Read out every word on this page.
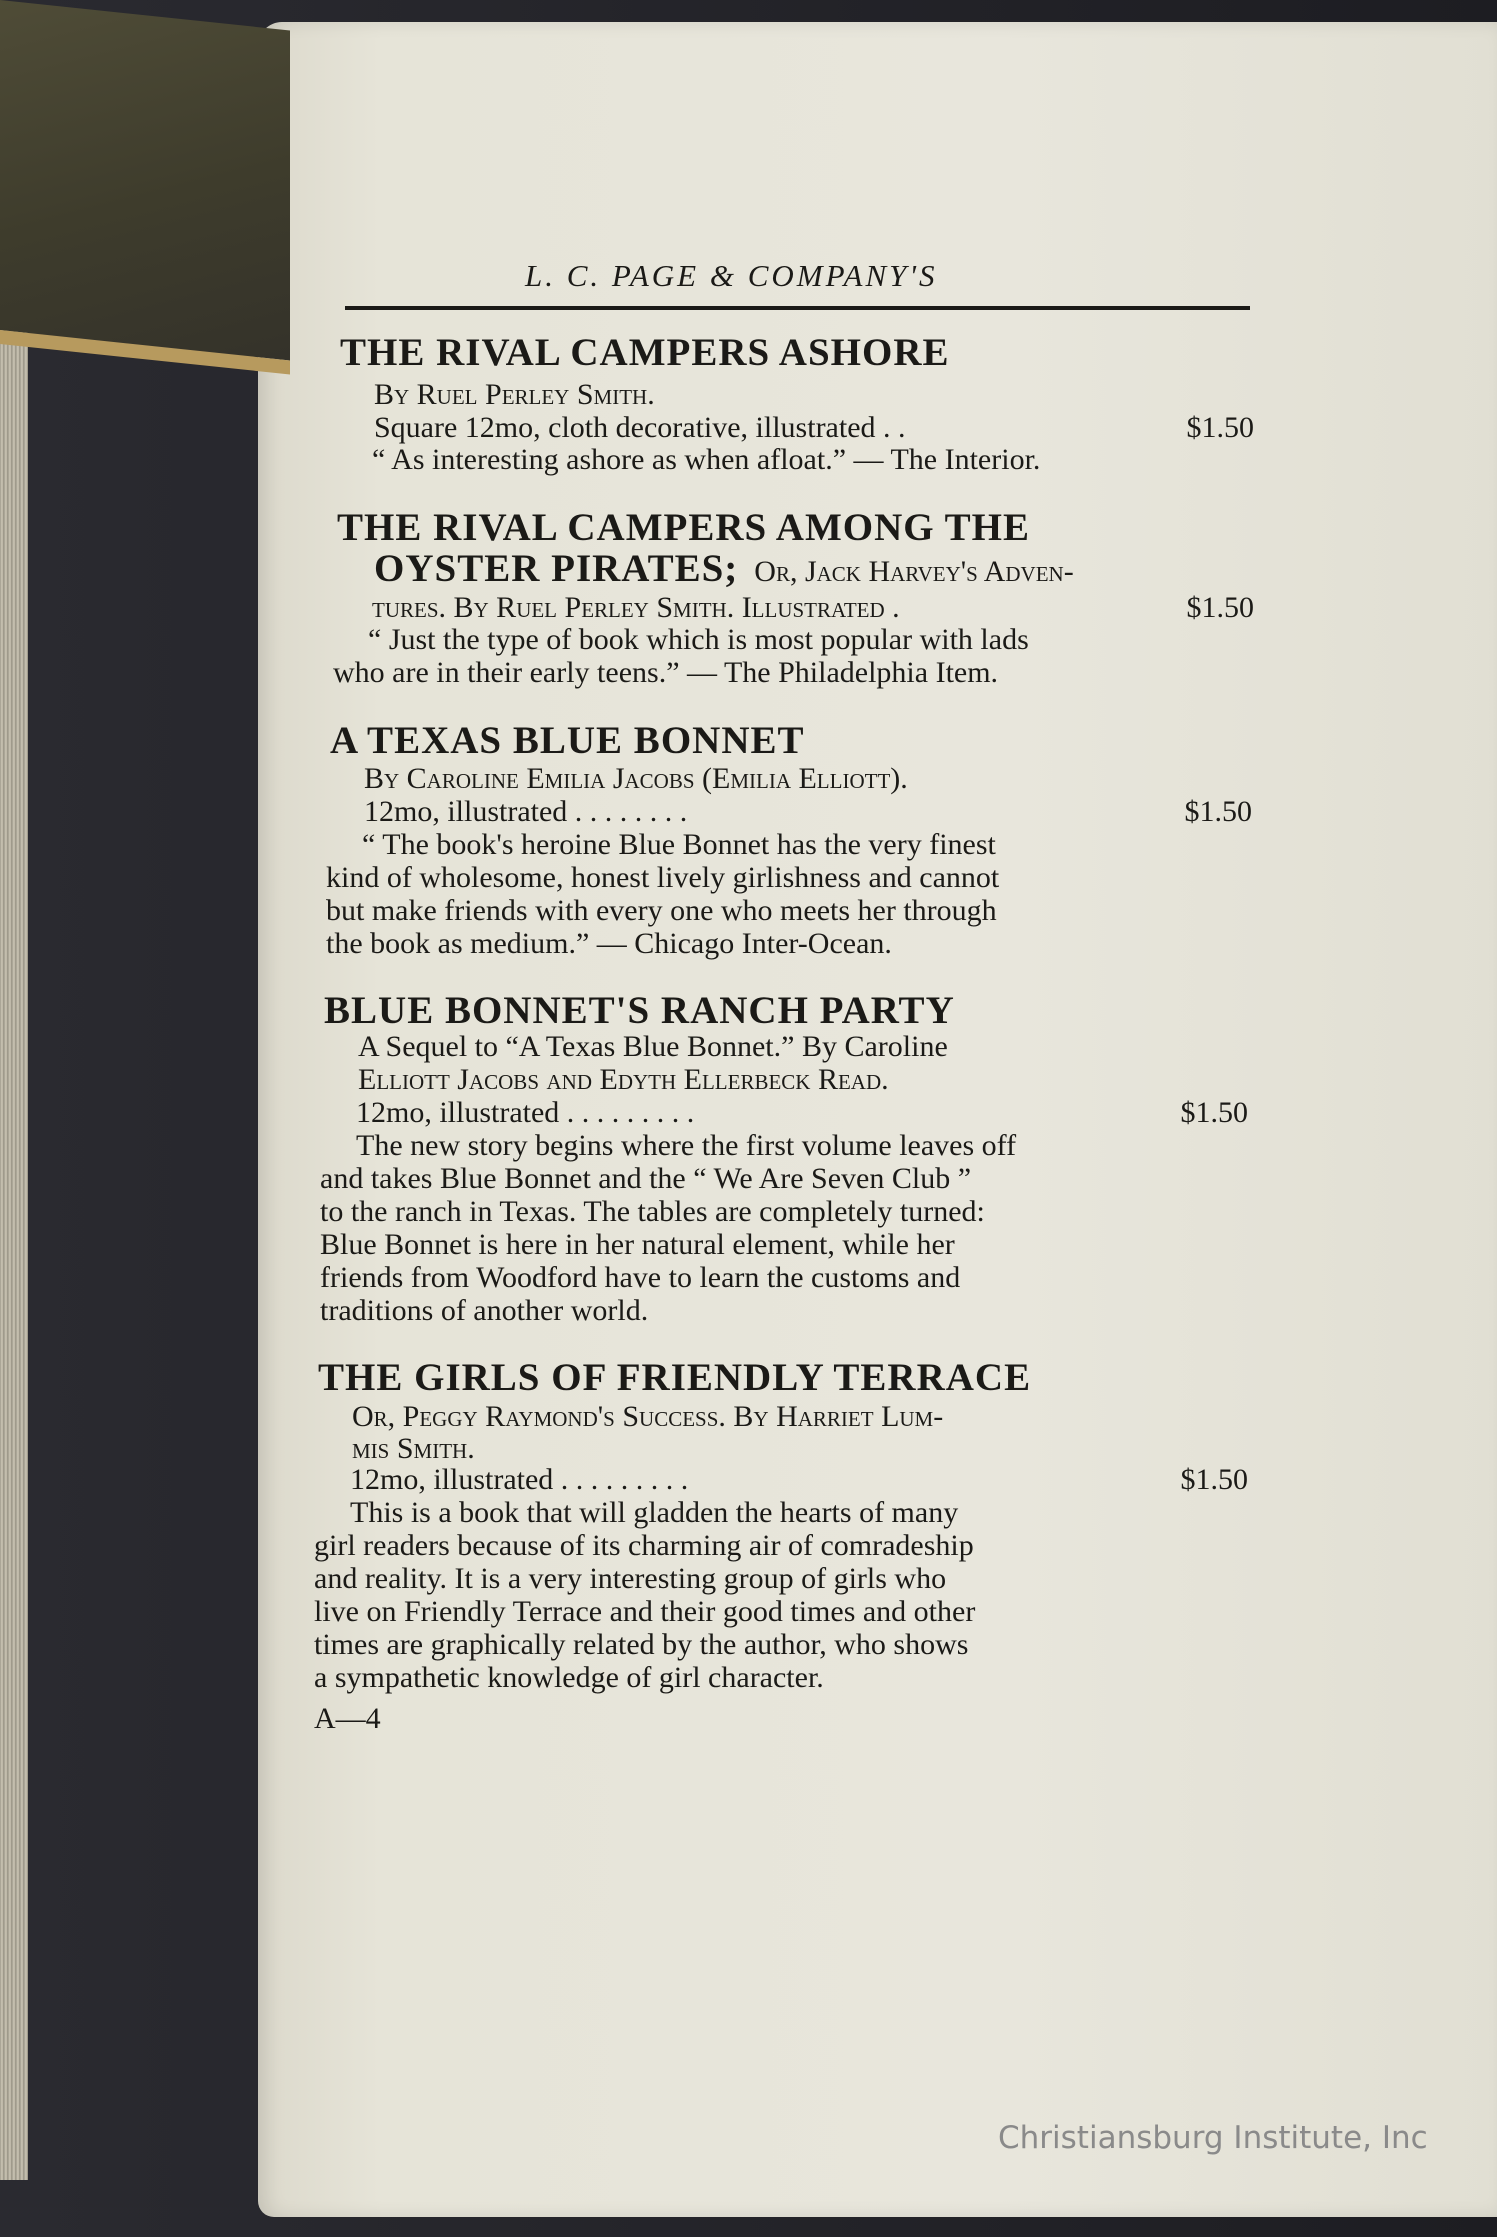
L. C. PAGE & COMPANY'S
THE RIVAL CAMPERS ASHORE
By Ruel Perley Smith.
Square 12mo, cloth decorative, illustrated . .	$1.50
“ As interesting ashore as when afloat.” — The Interior.
THE RIVAL CAMPERS AMONG THE
OYSTER PIRATES; Or, Jack Harvey's Adven-
tures. By Ruel Perley Smith. Illustrated .	$1.50
“ Just the type of book which is most popular with lads
who are in their early teens.” — The Philadelphia Item.
A TEXAS BLUE BONNET
By Caroline Emilia Jacobs (Emilia Elliott).
12mo, illustrated . . . . . . . .	$1.50
“ The book's heroine Blue Bonnet has the very finest
kind of wholesome, honest lively girlishness and cannot
but make friends with every one who meets her through
the book as medium.” — Chicago Inter-Ocean.
BLUE BONNET'S RANCH PARTY
A Sequel to “A Texas Blue Bonnet.” By Caroline
Elliott Jacobs and Edyth Ellerbeck Read.
12mo, illustrated . . . . . . . . .	$1.50
The new story begins where the first volume leaves off
and takes Blue Bonnet and the “ We Are Seven Club ”
to the ranch in Texas. The tables are completely turned:
Blue Bonnet is here in her natural element, while her
friends from Woodford have to learn the customs and
traditions of another world.
THE GIRLS OF FRIENDLY TERRACE
Or, Peggy Raymond's Success. By Harriet Lum-
mis Smith.
12mo, illustrated . . . . . . . . .	$1.50
This is a book that will gladden the hearts of many
girl readers because of its charming air of comradeship
and reality. It is a very interesting group of girls who
live on Friendly Terrace and their good times and other
times are graphically related by the author, who shows
a sympathetic knowledge of girl character.
A—4
Christiansburg Institute, Inc
